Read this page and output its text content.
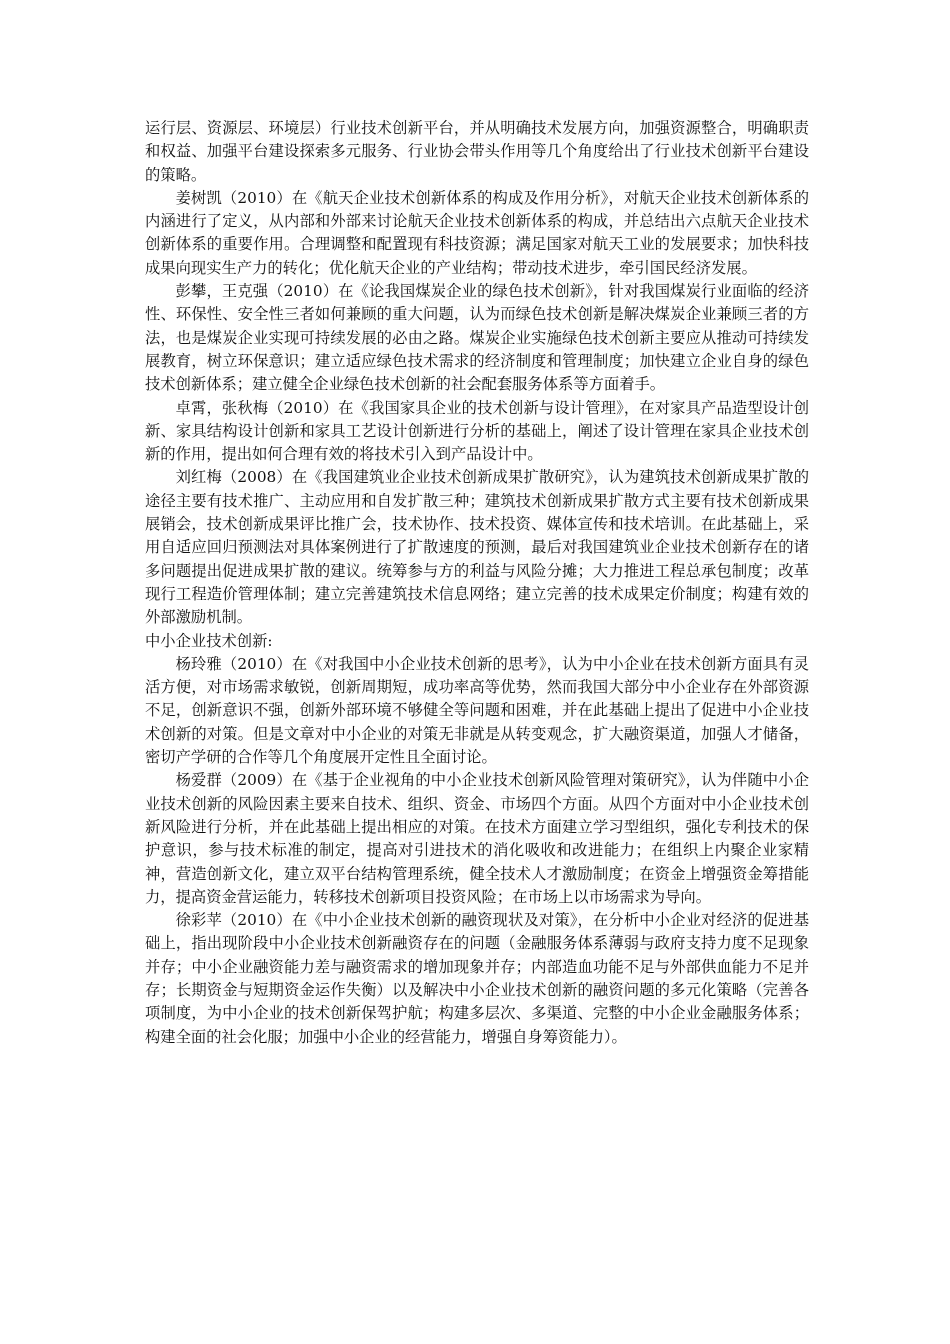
运行层、资源层、环境层）行业技术创新平台，并从明确技术发展方向，加强资源整合，明确职责和权益、加强平台建设探索多元服务、行业协会带头作用等几个角度给出了行业技术创新平台建设的策略。

姜树凯（2010）在《航天企业技术创新体系的构成及作用分析》，对航天企业技术创新体系的内涵进行了定义，从内部和外部来讨论航天企业技术创新体系的构成，并总结出六点航天企业技术创新体系的重要作用。合理调整和配置现有科技资源；满足国家对航天工业的发展要求；加快科技成果向现实生产力的转化；优化航天企业的产业结构；带动技术进步，牵引国民经济发展。

彭攀，王克强（2010）在《论我国煤炭企业的绿色技术创新》，针对我国煤炭行业面临的经济性、环保性、安全性三者如何兼顾的重大问题，认为而绿色技术创新是解决煤炭企业兼顾三者的方法，也是煤炭企业实现可持续发展的必由之路。煤炭企业实施绿色技术创新主要应从推动可持续发展教育，树立环保意识；建立适应绿色技术需求的经济制度和管理制度；加快建立企业自身的绿色技术创新体系；建立健全企业绿色技术创新的社会配套服务体系等方面着手。

卓霄，张秋梅（2010）在《我国家具企业的技术创新与设计管理》，在对家具产品造型设计创新、家具结构设计创新和家具工艺设计创新进行分析的基础上，阐述了设计管理在家具企业技术创新的作用，提出如何合理有效的将技术引入到产品设计中。

刘红梅（2008）在《我国建筑业企业技术创新成果扩散研究》，认为建筑技术创新成果扩散的途径主要有技术推广、主动应用和自发扩散三种；建筑技术创新成果扩散方式主要有技术创新成果展销会，技术创新成果评比推广会，技术协作、技术投资、媒体宣传和技术培训。在此基础上，采用自适应回归预测法对具体案例进行了扩散速度的预测，最后对我国建筑业企业技术创新存在的诸多问题提出促进成果扩散的建议。统筹参与方的利益与风险分摊；大力推进工程总承包制度；改革现行工程造价管理体制；建立完善建筑技术信息网络；建立完善的技术成果定价制度；构建有效的外部激励机制。

中小企业技术创新:

杨玲雅（2010）在《对我国中小企业技术创新的思考》，认为中小企业在技术创新方面具有灵活方便，对市场需求敏锐，创新周期短，成功率高等优势，然而我国大部分中小企业存在外部资源不足，创新意识不强，创新外部环境不够健全等问题和困难，并在此基础上提出了促进中小企业技术创新的对策。但是文章对中小企业的对策无非就是从转变观念，扩大融资渠道，加强人才储备，密切产学研的合作等几个角度展开定性且全面讨论。

杨爱群（2009）在《基于企业视角的中小企业技术创新风险管理对策研究》，认为伴随中小企业技术创新的风险因素主要来自技术、组织、资金、市场四个方面。从四个方面对中小企业技术创新风险进行分析，并在此基础上提出相应的对策。在技术方面建立学习型组织，强化专利技术的保护意识，参与技术标准的制定，提高对引进技术的消化吸收和改进能力；在组织上内聚企业家精神，营造创新文化，建立双平台结构管理系统，健全技术人才激励制度；在资金上增强资金筹措能力，提高资金营运能力，转移技术创新项目投资风险；在市场上以市场需求为导向。

徐彩苹（2010）在《中小企业技术创新的融资现状及对策》，在分析中小企业对经济的促进基础上，指出现阶段中小企业技术创新融资存在的问题（金融服务体系薄弱与政府支持力度不足现象并存；中小企业融资能力差与融资需求的增加现象并存；内部造血功能不足与外部供血能力不足并存；长期资金与短期资金运作失衡）以及解决中小企业技术创新的融资问题的多元化策略（完善各项制度，为中小企业的技术创新保驾护航；构建多层次、多渠道、完整的中小企业金融服务体系；构建全面的社会化服；加强中小企业的经营能力，增强自身筹资能力）。
